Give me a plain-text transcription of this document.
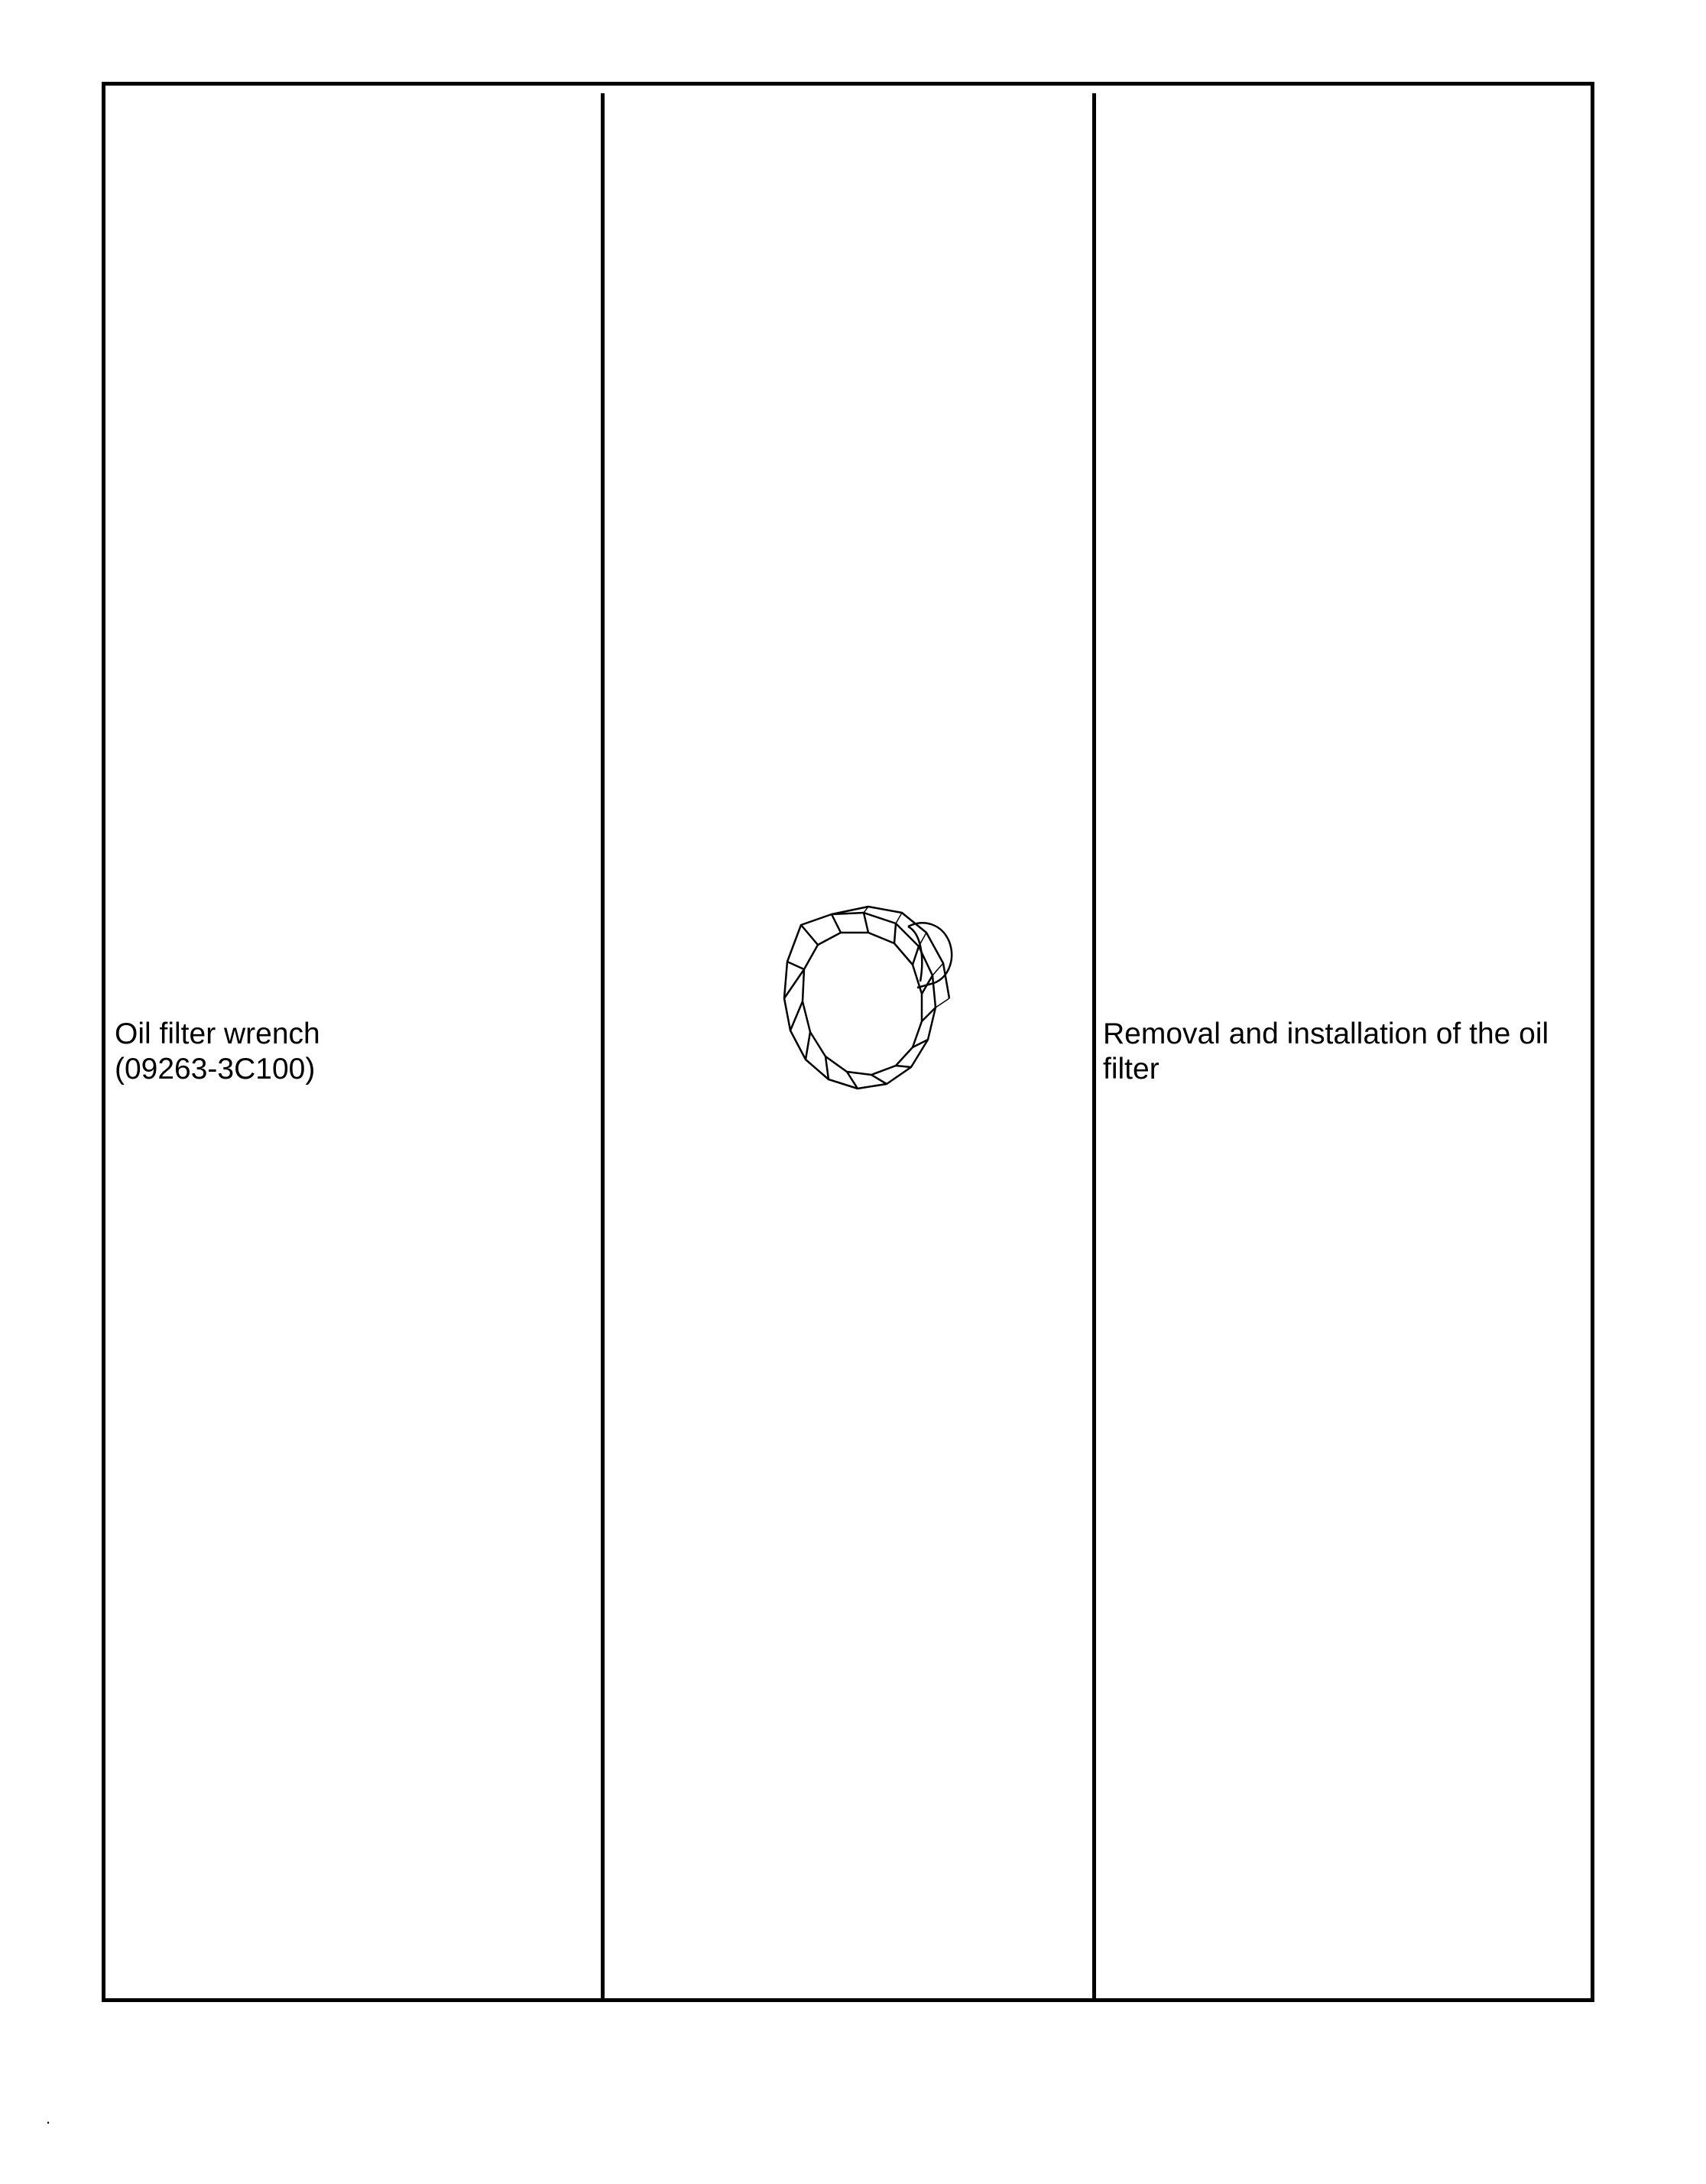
Oil filter wrench
(09263-3C100)

Removal and installation of the oil
filter

.
